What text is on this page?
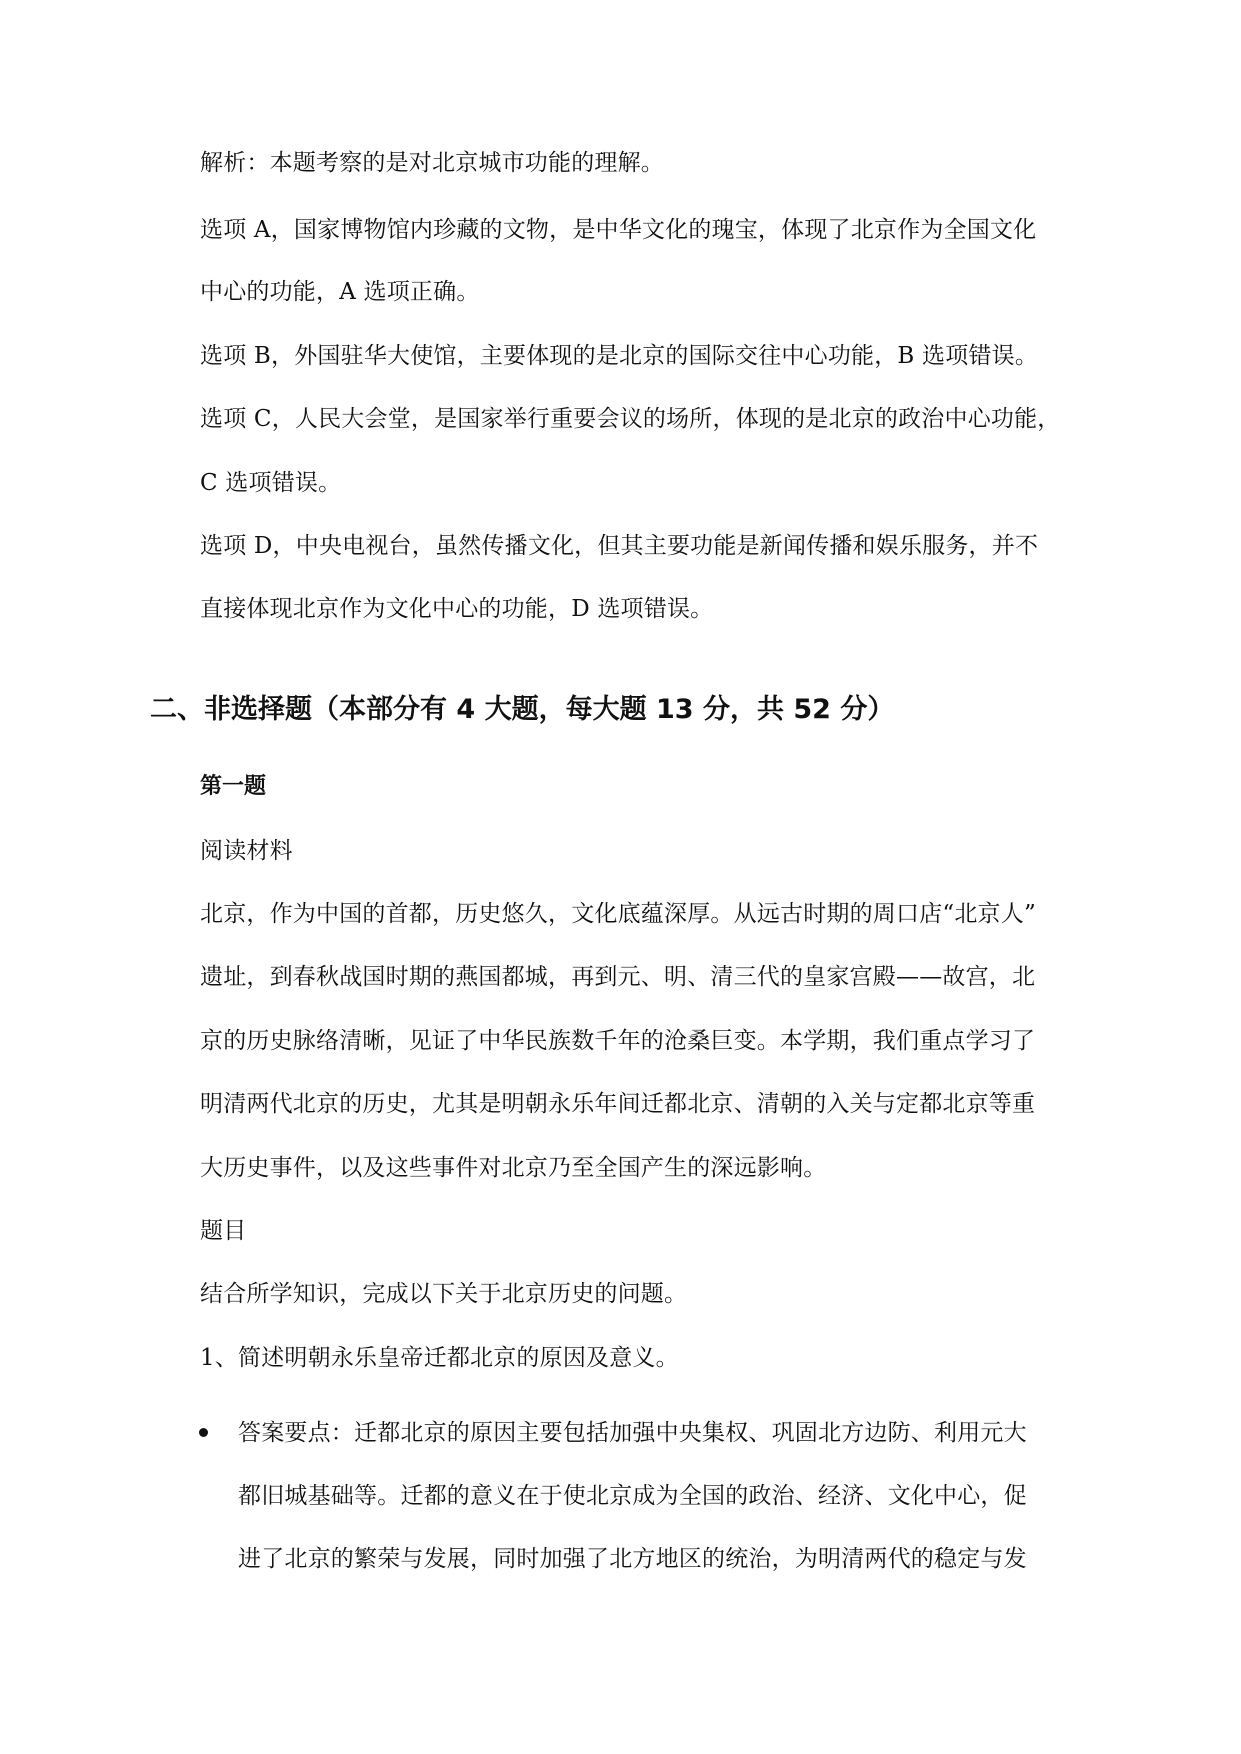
解析：本题考察的是对北京城市功能的理解。
选项 A，国家博物馆内珍藏的文物，是中华文化的瑰宝，体现了北京作为全国文化
中心的功能，A 选项正确。
选项 B，外国驻华大使馆，主要体现的是北京的国际交往中心功能，B 选项错误。
选项 C，人民大会堂，是国家举行重要会议的场所，体现的是北京的政治中心功能，
C 选项错误。
选项 D，中央电视台，虽然传播文化，但其主要功能是新闻传播和娱乐服务，并不
直接体现北京作为文化中心的功能，D 选项错误。
二、非选择题（本部分有 4 大题，每大题 13 分，共 52 分）
第一题
阅读材料
北京，作为中国的首都，历史悠久，文化底蕴深厚。从远古时期的周口店“北京人”
遗址，到春秋战国时期的燕国都城，再到元、明、清三代的皇家宫殿——故宫，北
京的历史脉络清晰，见证了中华民族数千年的沧桑巨变。本学期，我们重点学习了
明清两代北京的历史，尤其是明朝永乐年间迁都北京、清朝的入关与定都北京等重
大历史事件，以及这些事件对北京乃至全国产生的深远影响。
题目
结合所学知识，完成以下关于北京历史的问题。
1、简述明朝永乐皇帝迁都北京的原因及意义。
答案要点：迁都北京的原因主要包括加强中央集权、巩固北方边防、利用元大
都旧城基础等。迁都的意义在于使北京成为全国的政治、经济、文化中心，促
进了北京的繁荣与发展，同时加强了北方地区的统治，为明清两代的稳定与发
